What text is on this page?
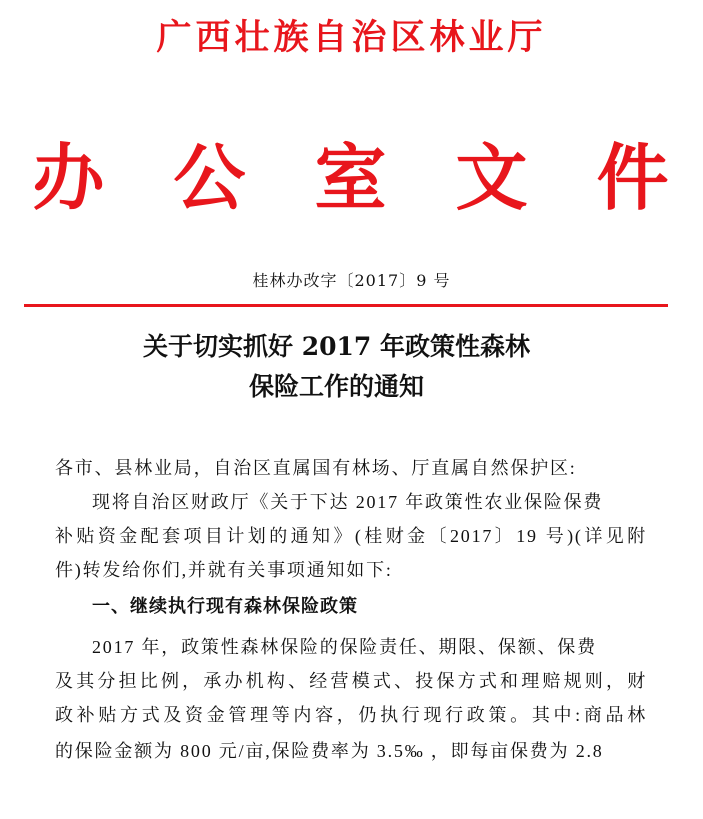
广西壮族自治区林业厅
办 公 室 文 件
桂林办改字〔2017〕9 号
关于切实抓好 2017 年政策性森林
保险工作的通知
各市、县林业局，自治区直属国有林场、厅直属自然保护区:
现将自治区财政厅《关于下达 2017 年政策性农业保险保费
补贴资金配套项目计划的通知》(桂财金〔2017〕19 号)(详见附
件)转发给你们,并就有关事项通知如下:
一、继续执行现有森林保险政策
2017 年，政策性森林保险的保险责任、期限、保额、保费
及其分担比例，承办机构、经营模式、投保方式和理赔规则，财
政补贴方式及资金管理等内容，仍执行现行政策。其中:商品林
的保险金额为 800 元/亩,保险费率为 3.5‰ ，即每亩保费为 2.8
